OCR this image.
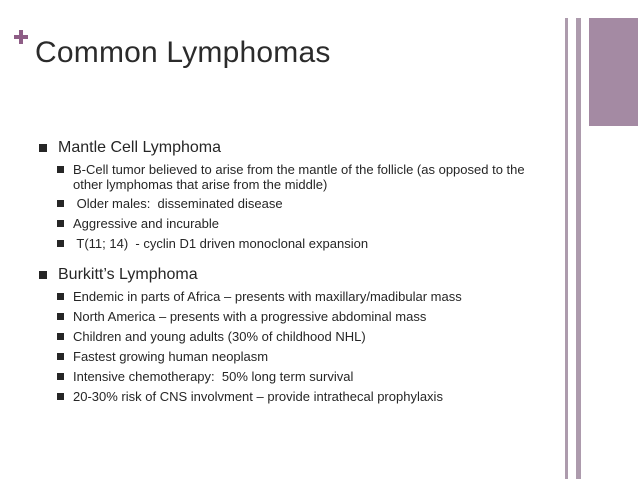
Common Lymphomas
Mantle Cell Lymphoma
B-Cell tumor believed to arise from the mantle of the follicle (as opposed to the other lymphomas that arise from the middle)
Older males:  disseminated disease
Aggressive and incurable
T(11; 14)  - cyclin D1 driven monoclonal expansion
Burkitt’s Lymphoma
Endemic in parts of Africa – presents with maxillary/madibular mass
North America – presents with a progressive abdominal mass
Children and young adults (30% of childhood NHL)
Fastest growing human neoplasm
Intensive chemotherapy:  50% long term survival
20-30% risk of CNS involvment – provide intrathecal prophylaxis
